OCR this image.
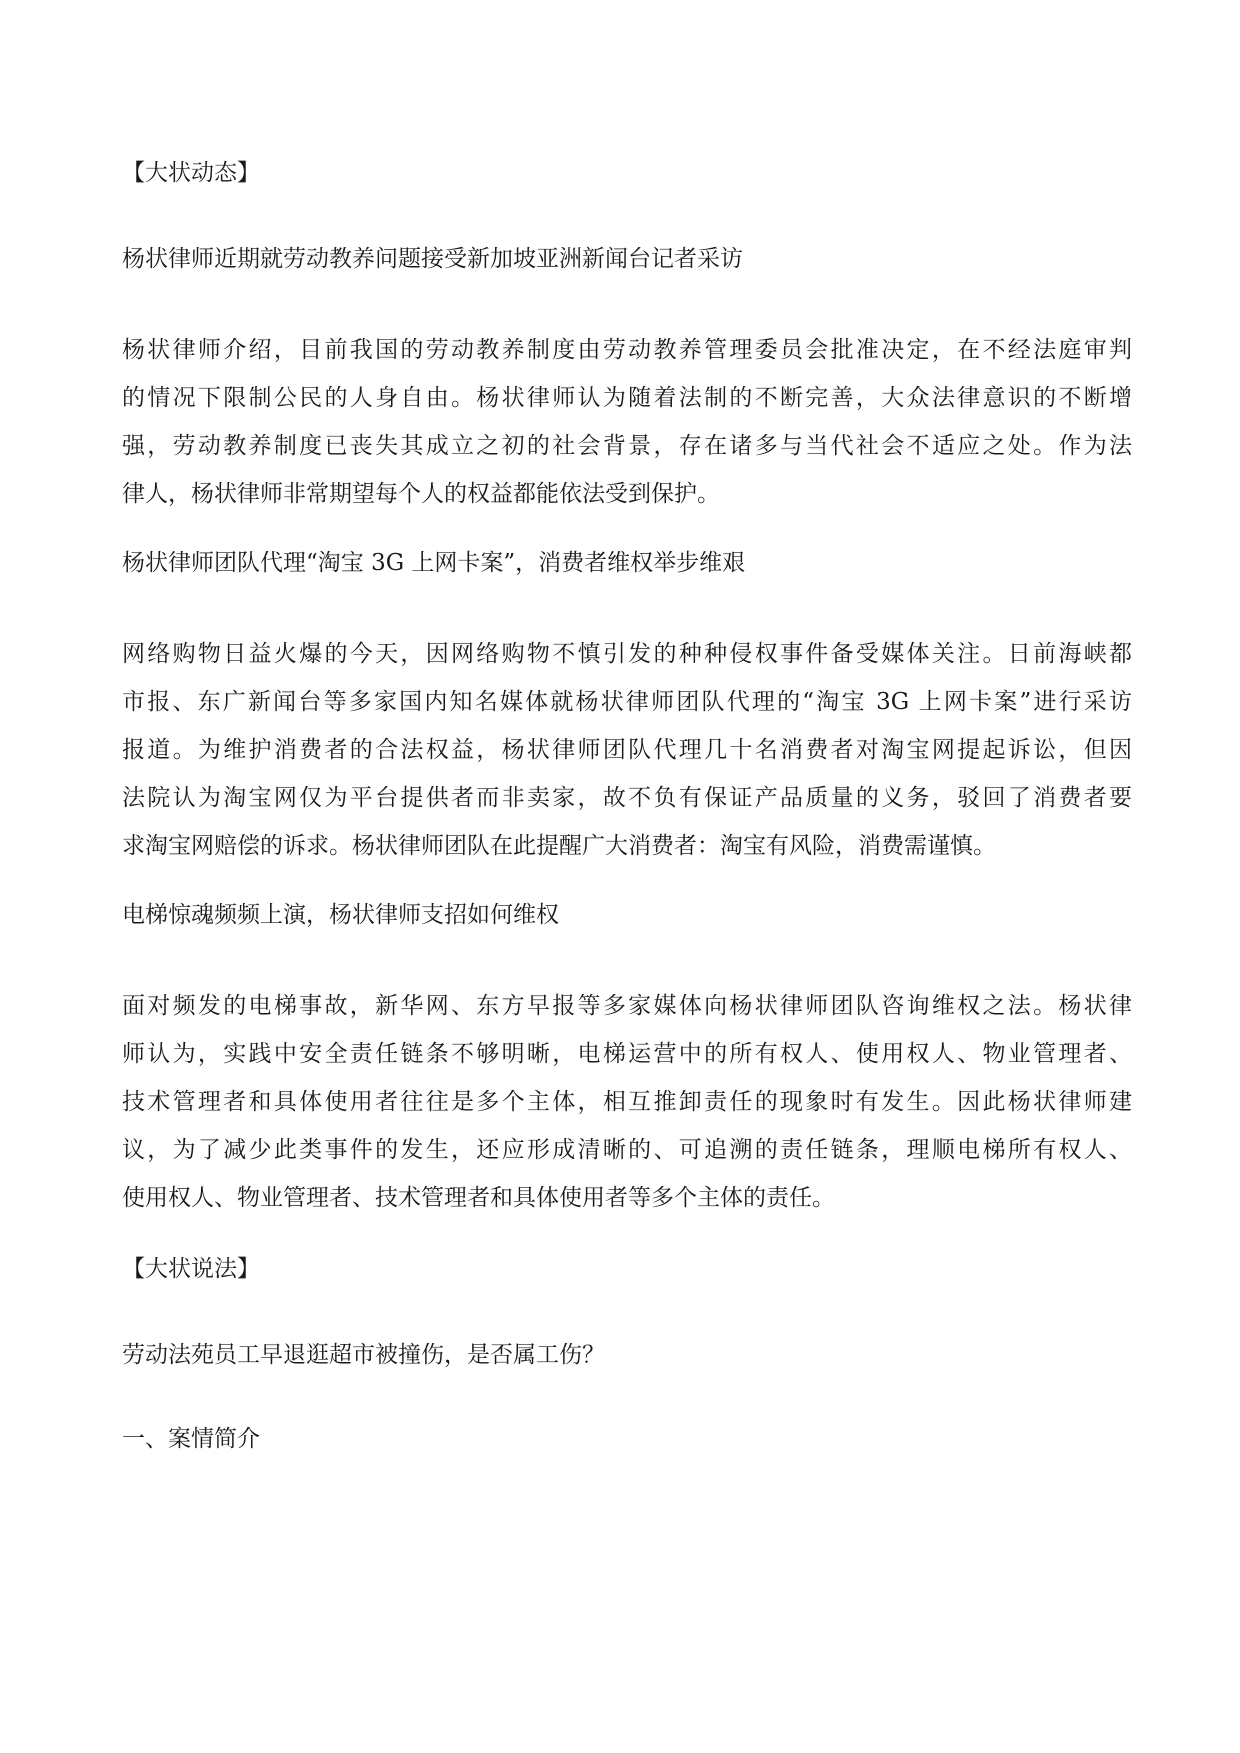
【大状动态】

杨状律师近期就劳动教养问题接受新加坡亚洲新闻台记者采访

杨状律师介绍，目前我国的劳动教养制度由劳动教养管理委员会批准决定，在不经法庭审判
的情况下限制公民的人身自由。杨状律师认为随着法制的不断完善，大众法律意识的不断增
强，劳动教养制度已丧失其成立之初的社会背景，存在诸多与当代社会不适应之处。作为法
律人，杨状律师非常期望每个人的权益都能依法受到保护。

杨状律师团队代理“淘宝 3G 上网卡案”，消费者维权举步维艰

网络购物日益火爆的今天，因网络购物不慎引发的种种侵权事件备受媒体关注。日前海峡都
市报、东广新闻台等多家国内知名媒体就杨状律师团队代理的“淘宝 3G 上网卡案”进行采访
报道。为维护消费者的合法权益，杨状律师团队代理几十名消费者对淘宝网提起诉讼，但因
法院认为淘宝网仅为平台提供者而非卖家，故不负有保证产品质量的义务，驳回了消费者要
求淘宝网赔偿的诉求。杨状律师团队在此提醒广大消费者：淘宝有风险，消费需谨慎。

电梯惊魂频频上演，杨状律师支招如何维权

面对频发的电梯事故，新华网、东方早报等多家媒体向杨状律师团队咨询维权之法。杨状律
师认为，实践中安全责任链条不够明晰，电梯运营中的所有权人、使用权人、物业管理者、
技术管理者和具体使用者往往是多个主体，相互推卸责任的现象时有发生。因此杨状律师建
议，为了减少此类事件的发生，还应形成清晰的、可追溯的责任链条，理顺电梯所有权人、
使用权人、物业管理者、技术管理者和具体使用者等多个主体的责任。

【大状说法】

劳动法苑员工早退逛超市被撞伤，是否属工伤？

一、案情简介
